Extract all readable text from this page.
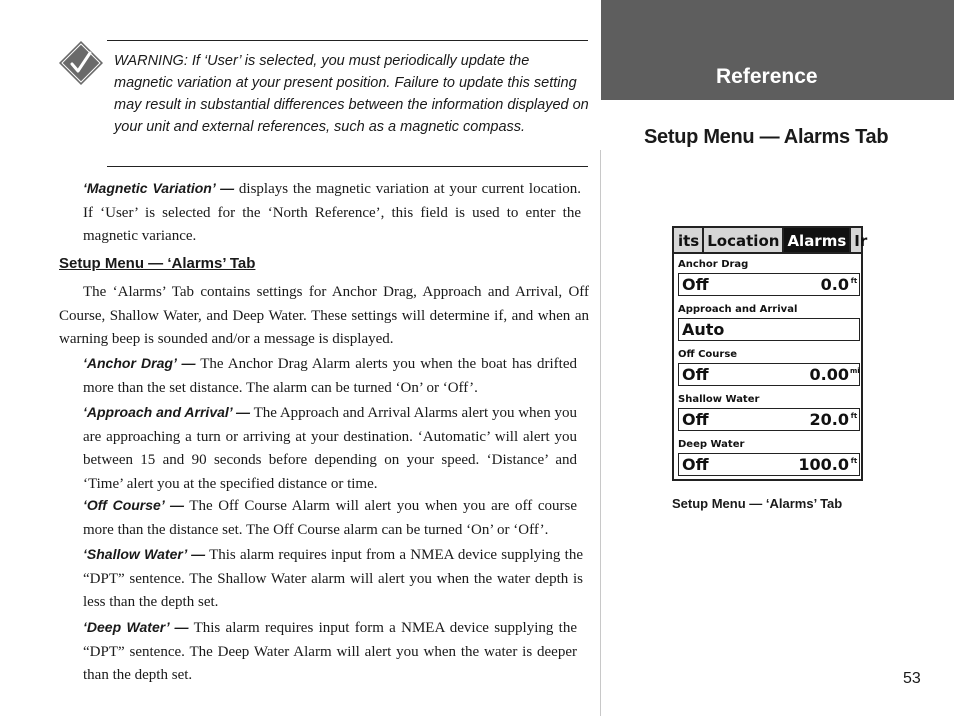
Reference
Setup Menu — Alarms Tab
its Location Alarms Ir
Anchor Drag
Off	0.0 ft
Approach and Arrival
Auto
Off Course
Off	0.00 mi
Shallow Water
Off	20.0 ft
Deep Water
Off	100.0 ft
Setup Menu — ‘Alarms’ Tab
53
WARNING: If ‘User’ is selected, you must periodically update the magnetic variation at your present position. Failure to update this setting may result in substantial differences between the information displayed on your unit and external references, such as a magnetic compass.
‘Magnetic Variation’ — displays the magnetic variation at your current location. If ‘User’ is selected for the ‘North Reference’, this field is used to enter the magnetic variance.
Setup Menu — ‘Alarms’ Tab
The ‘Alarms’ Tab contains settings for Anchor Drag, Approach and Arrival, Off Course, Shallow Water, and Deep Water. These settings will determine if, and when an warning beep is sounded and/or a message is displayed.
‘Anchor Drag’ — The Anchor Drag Alarm alerts you when the boat has drifted more than the set distance. The alarm can be turned ‘On’ or ‘Off’.
‘Approach and Arrival’ — The Approach and Arrival Alarms alert you when you are approaching a turn or arriving at your destination. ‘Automatic’ will alert you between 15 and 90 seconds before depending on your speed. ‘Distance’ and ‘Time’ alert you at the specified distance or time.
‘Off Course’ — The Off Course Alarm will alert you when you are off course more than the distance set. The Off Course alarm can be turned ‘On’ or ‘Off’.
‘Shallow Water’ — This alarm requires input from a NMEA device supplying the “DPT” sentence. The Shallow Water alarm will alert you when the water depth is less than the depth set.
‘Deep Water’ — This alarm requires input form a NMEA device supplying the “DPT” sentence. The Deep Water Alarm will alert you when the water is deeper than the depth set.
